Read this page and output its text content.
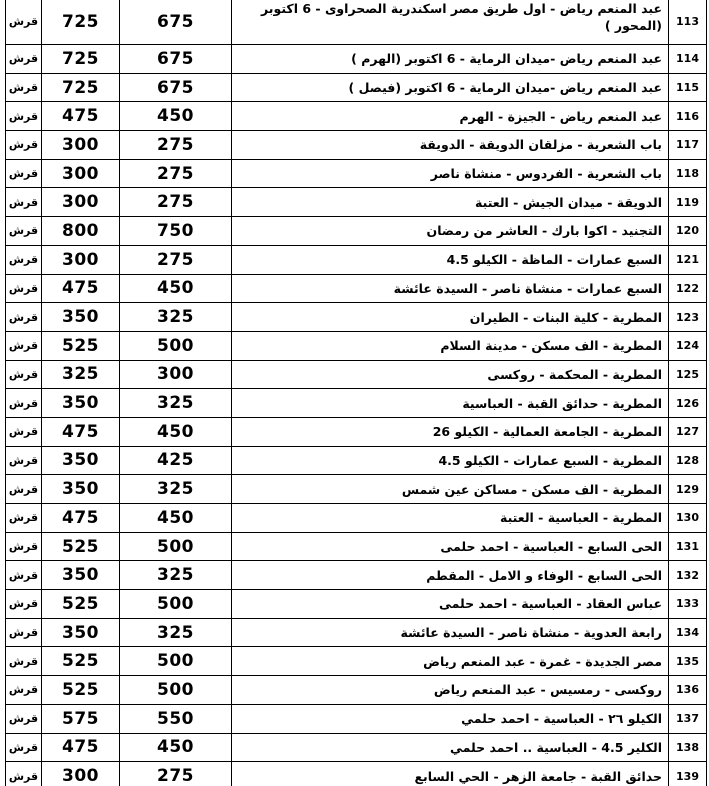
قرش	725	675	عبد المنعم رياض - اول طريق مصر اسكندرية الصحراوى - 6 اكتوبر (المحور )	113
قرش	725	675	عبد المنعم رياض -ميدان الرماية - 6 اكتوبر (الهرم )	114
قرش	725	675	عبد المنعم رياض -ميدان الرماية - 6 اكتوبر (فيصل )	115
قرش	475	450	عبد المنعم رياض - الجيزة - الهرم	116
قرش	300	275	باب الشعرية - مزلقان الدويقة - الدويقة	117
قرش	300	275	باب الشعرية - الفردوس - منشاة ناصر	118
قرش	300	275	الدويقة - ميدان الجيش - العتبة	119
قرش	800	750	التجنيد - اكوا بارك - العاشر من رمضان	120
قرش	300	275	السبع عمارات - الماظة - الكيلو 4.5	121
قرش	475	450	السبع عمارات - منشاة ناصر - السيدة عائشة	122
قرش	350	325	المطرية - كلية البنات - الطيران	123
قرش	525	500	المطرية - الف مسكن - مدينة السلام	124
قرش	325	300	المطرية - المحكمة - روكسى	125
قرش	350	325	المطرية - حدائق القبة - العباسية	126
قرش	475	450	المطرية - الجامعة العمالية - الكيلو 26	127
قرش	350	425	المطرية - السبع عمارات - الكيلو 4.5	128
قرش	350	325	المطرية - الف مسكن - مساكن عين شمس	129
قرش	475	450	المطرية - العباسية - العتبة	130
قرش	525	500	الحى السابع - العباسية - احمد حلمى	131
قرش	350	325	الحى السابع - الوفاء و الامل - المقطم	132
قرش	525	500	عباس العقاد - العباسية - احمد حلمى	133
قرش	350	325	رابعة العدوية - منشاة ناصر - السيدة عائشة	134
قرش	525	500	مصر الجديدة - غمرة - عبد المنعم رياض	135
قرش	525	500	روكسى - رمسيس - عبد المنعم رياض	136
قرش	575	550	الكيلو ٢٦ - العباسية - احمد حلمي	137
قرش	475	450	الكلير 4.5 - العباسية .. احمد حلمي	138
قرش	300	275	حدائق القبة - جامعة الزهر - الحي السابع	139
